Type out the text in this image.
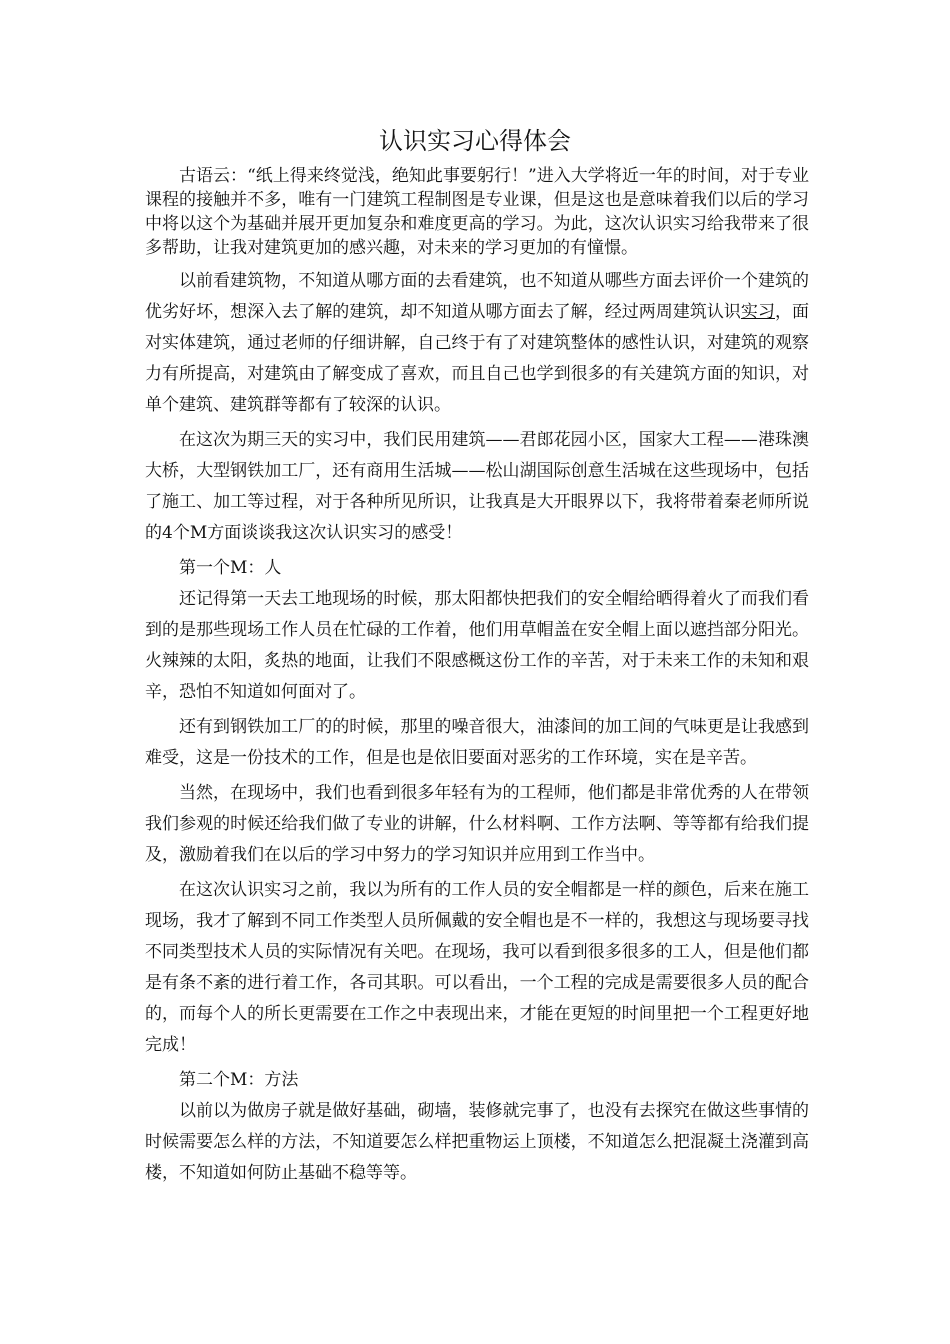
认识实习心得体会

古语云：“纸上得来终觉浅，绝知此事要躬行！”进入大学将近一年的时间，对于专业课程的接触并不多，唯有一门建筑工程制图是专业课，但是这也是意味着我们以后的学习中将以这个为基础并展开更加复杂和难度更高的学习。为此，这次认识实习给我带来了很多帮助，让我对建筑更加的感兴趣，对未来的学习更加的有憧憬。

以前看建筑物，不知道从哪方面的去看建筑，也不知道从哪些方面去评价一个建筑的优劣好坏，想深入去了解的建筑，却不知道从哪方面去了解，经过两周建筑认识实习，面对实体建筑，通过老师的仔细讲解，自己终于有了对建筑整体的感性认识，对建筑的观察力有所提高，对建筑由了解变成了喜欢，而且自己也学到很多的有关建筑方面的知识，对单个建筑、建筑群等都有了较深的认识。

在这次为期三天的实习中，我们民用建筑——君郎花园小区，国家大工程——港珠澳大桥，大型钢铁加工厂，还有商用生活城——松山湖国际创意生活城在这些现场中，包括了施工、加工等过程，对于各种所见所识，让我真是大开眼界以下，我将带着秦老师所说的4个M方面谈谈我这次认识实习的感受！

第一个M：人

还记得第一天去工地现场的时候，那太阳都快把我们的安全帽给晒得着火了而我们看到的是那些现场工作人员在忙碌的工作着，他们用草帽盖在安全帽上面以遮挡部分阳光。火辣辣的太阳，炙热的地面，让我们不限感概这份工作的辛苦，对于未来工作的未知和艰辛，恐怕不知道如何面对了。

还有到钢铁加工厂的的时候，那里的噪音很大，油漆间的加工间的气味更是让我感到难受，这是一份技术的工作，但是也是依旧要面对恶劣的工作环境，实在是辛苦。

当然，在现场中，我们也看到很多年轻有为的工程师，他们都是非常优秀的人在带领我们参观的时候还给我们做了专业的讲解，什么材料啊、工作方法啊、等等都有给我们提及，激励着我们在以后的学习中努力的学习知识并应用到工作当中。

在这次认识实习之前，我以为所有的工作人员的安全帽都是一样的颜色，后来在施工现场，我才了解到不同工作类型人员所佩戴的安全帽也是不一样的，我想这与现场要寻找不同类型技术人员的实际情况有关吧。在现场，我可以看到很多很多的工人，但是他们都是有条不紊的进行着工作，各司其职。可以看出，一个工程的完成是需要很多人员的配合的，而每个人的所长更需要在工作之中表现出来，才能在更短的时间里把一个工程更好地完成！

第二个M：方法

以前以为做房子就是做好基础，砌墙，装修就完事了，也没有去探究在做这些事情的时候需要怎么样的方法，不知道要怎么样把重物运上顶楼，不知道怎么把混凝土浇灌到高楼，不知道如何防止基础不稳等等。
